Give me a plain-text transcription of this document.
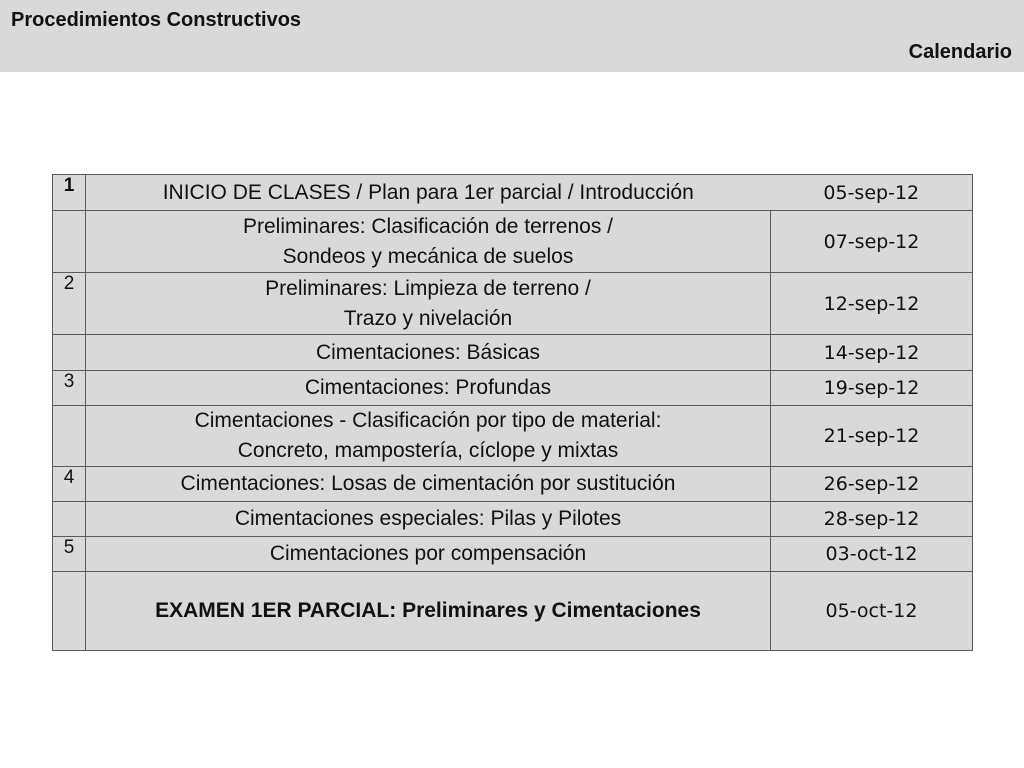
Procedimientos Constructivos
Calendario
1	INICIO DE CLASES / Plan para 1er parcial / Introducción	05-sep-12

	Preliminares: Clasificación de terrenos /
Sondeos y mecánica de suelos	07-sep-12
2	Preliminares: Limpieza de terreno /
Trazo y nivelación	12-sep-12

	Cimentaciones: Básicas	14-sep-12
3	Cimentaciones: Profundas	19-sep-12

	Cimentaciones - Clasificación por tipo de material:
Concreto, mampostería, cíclope y mixtas	21-sep-12
4	Cimentaciones: Losas de cimentación por sustitución	26-sep-12

	Cimentaciones especiales: Pilas y Pilotes	28-sep-12
5	Cimentaciones por compensación	03-oct-12

	EXAMEN 1ER PARCIAL: Preliminares y Cimentaciones	05-oct-12
